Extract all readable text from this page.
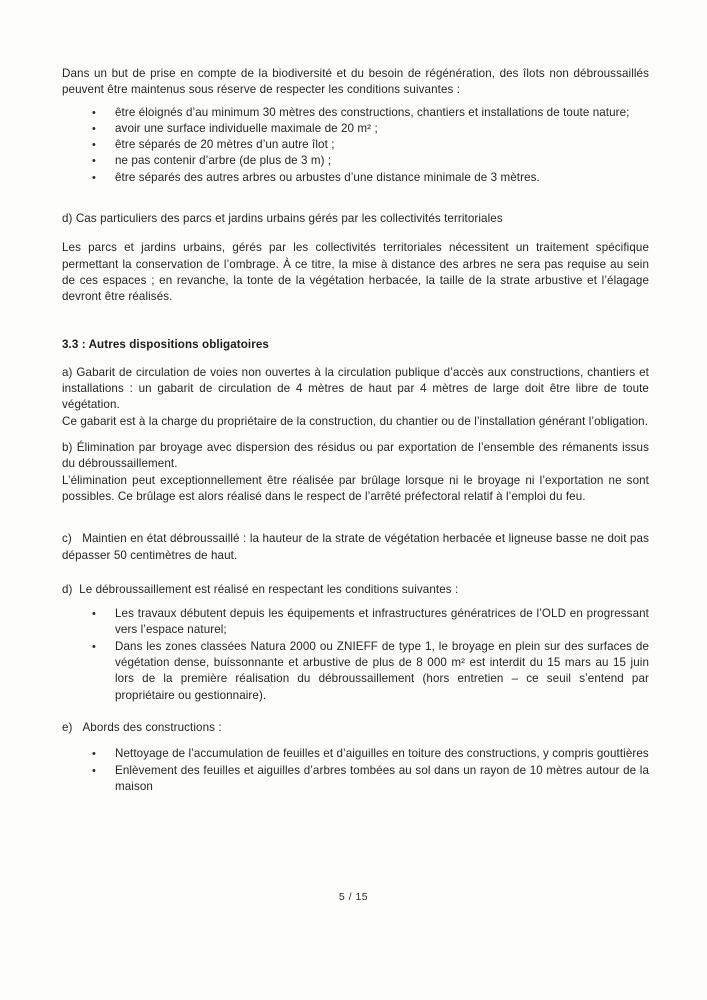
Dans un but de prise en compte de la biodiversité et du besoin de régénération, des îlots non débroussaillés peuvent être maintenus sous réserve de respecter les conditions suivantes :

• être éloignés d’au minimum 30 mètres des constructions, chantiers et installations de toute nature;
• avoir une surface individuelle maximale de 20 m² ;
• être séparés de 20 mètres d’un autre îlot ;
• ne pas contenir d’arbre (de plus de 3 m) ;
• être séparés des autres arbres ou arbustes d’une distance minimale de 3 mètres.

d) Cas particuliers des parcs et jardins urbains gérés par les collectivités territoriales

Les parcs et jardins urbains, gérés par les collectivités territoriales nécessitent un traitement spécifique permettant la conservation de l’ombrage. À ce titre, la mise à distance des arbres ne sera pas requise au sein de ces espaces ; en revanche, la tonte de la végétation herbacée, la taille de la strate arbustive et l’élagage devront être réalisés.

3.3 : Autres dispositions obligatoires

a) Gabarit de circulation de voies non ouvertes à la circulation publique d’accès aux constructions, chantiers et installations : un gabarit de circulation de 4 mètres de haut par 4 mètres de large doit être libre de toute végétation.

Ce gabarit est à la charge du propriétaire de la construction, du chantier ou de l’installation générant l’obligation.

b) Élimination par broyage avec dispersion des résidus ou par exportation de l’ensemble des rémanents issus du débroussaillement.

L’élimination peut exceptionnellement être réalisée par brûlage lorsque ni le broyage ni l’exportation ne sont possibles. Ce brûlage est alors réalisé dans le respect de l’arrêté préfectoral relatif à l’emploi du feu.

c)   Maintien en état débroussaillé : la hauteur de la strate de végétation herbacée et ligneuse basse ne doit pas dépasser 50 centimètres de haut.

d)  Le débroussaillement est réalisé en respectant les conditions suivantes :

• Les travaux débutent depuis les équipements et infrastructures génératrices de l’OLD en progressant vers l’espace naturel;
• Dans les zones classées Natura 2000 ou ZNIEFF de type 1, le broyage en plein sur des surfaces de végétation dense, buissonnante et arbustive de plus de 8 000 m² est interdit du 15 mars au 15 juin lors de la première réalisation du débroussaillement (hors entretien – ce seuil s’entend par propriétaire ou gestionnaire).

e)   Abords des constructions :

• Nettoyage de l’accumulation de feuilles et d’aiguilles en toiture des constructions, y compris gouttières
• Enlèvement des feuilles et aiguilles d’arbres tombées au sol dans un rayon de 10 mètres autour de la maison
5 / 15
